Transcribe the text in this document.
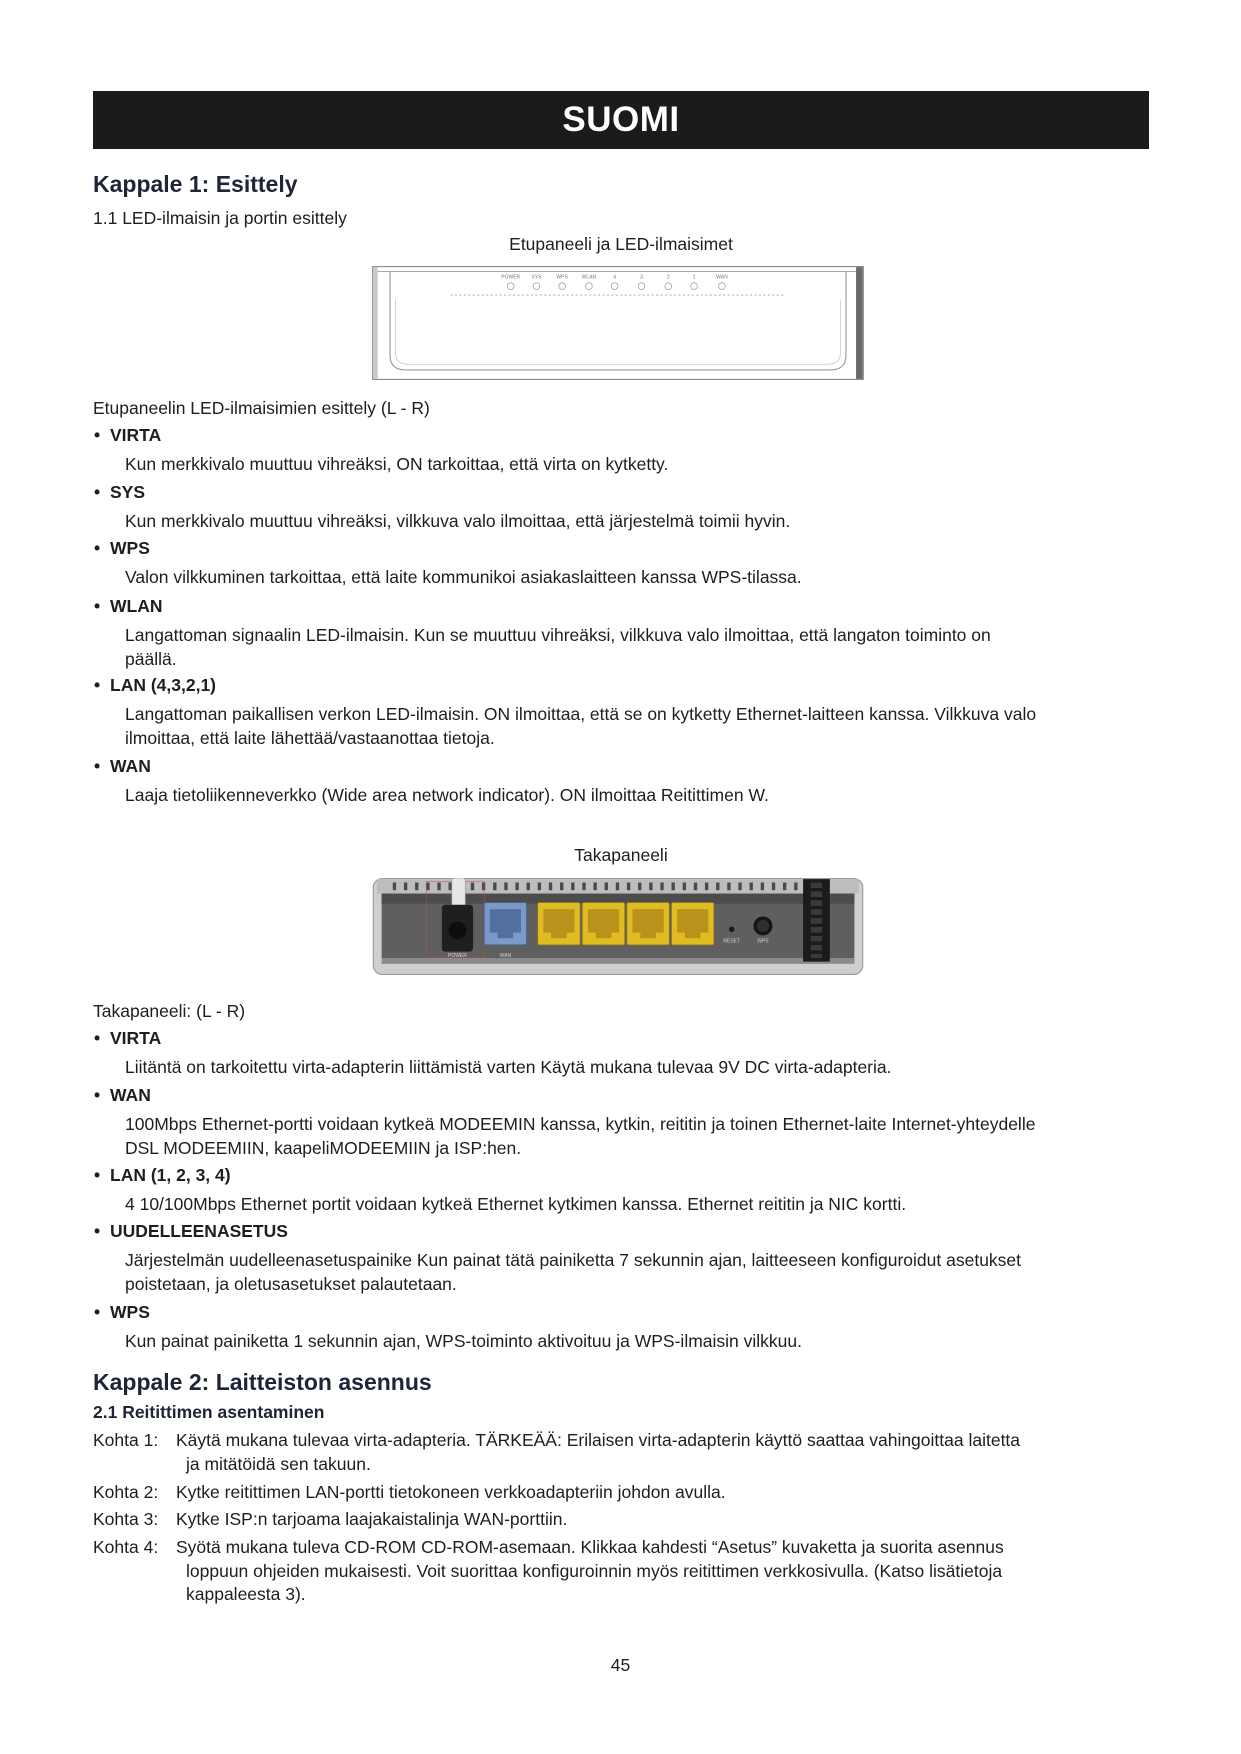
SUOMI
Kappale 1: Esittely
1.1 LED-ilmaisin ja portin esittely
Etupaneeli ja LED-ilmaisimet
POWER SYS	WPS	WLAN	4	3	2	1	WAN
Etupaneelin LED-ilmaisimien esittely (L - R)
• VIRTA
Kun merkkivalo muuttuu vihreäksi, ON tarkoittaa, että virta on kytketty.
• SYS
Kun merkkivalo muuttuu vihreäksi, vilkkuva valo ilmoittaa, että järjestelmä toimii hyvin.
• WPS
Valon vilkkuminen tarkoittaa, että laite kommunikoi asiakaslaitteen kanssa WPS-tilassa.
• WLAN
Langattoman signaalin LED-ilmaisin. Kun se muuttuu vihreäksi, vilkkuva valo ilmoittaa, että langaton toiminto on
päällä.
• LAN (4,3,2,1)
Langattoman paikallisen verkon LED-ilmaisin. ON ilmoittaa, että se on kytketty Ethernet-laitteen kanssa. Vilkkuva valo
ilmoittaa, että laite lähettää/vastaanottaa tietoja.
• WAN
Laaja tietoliikenneverkko (Wide area network indicator). ON ilmoittaa Reitittimen W.
Takapaneeli
POWER	WAN
RESET	WPS
Takapaneeli: (L - R)
• VIRTA
Liitäntä on tarkoitettu virta-adapterin liittämistä varten Käytä mukana tulevaa 9V DC virta-adapteria.
• WAN
100Mbps Ethernet-portti voidaan kytkeä MODEEMIN kanssa, kytkin, reititin ja toinen Ethernet-laite Internet-yhteydelle
DSL MODEEMIIN, kaapeliMODEEMIIN ja ISP:hen.
• LAN (1, 2, 3, 4)
4 10/100Mbps Ethernet portit voidaan kytkeä Ethernet kytkimen kanssa. Ethernet reititin ja NIC kortti.
• UUDELLEENASETUS
Järjestelmän uudelleenasetuspainike Kun painat tätä painiketta 7 sekunnin ajan, laitteeseen konfiguroidut asetukset
poistetaan, ja oletusasetukset palautetaan.
• WPS
Kun painat painiketta 1 sekunnin ajan, WPS-toiminto aktivoituu ja WPS-ilmaisin vilkkuu.
Kappale 2: Laitteiston asennus
2.1 Reitittimen asentaminen
Kohta 1:	Käytä mukana tulevaa virta-adapteria. TÄRKEÄÄ: Erilaisen virta-adapterin käyttö saattaa vahingoittaa laitetta
ja mitätöidä sen takuun.
Kohta 2:	Kytke reitittimen LAN-portti tietokoneen verkkoadapteriin johdon avulla.
Kohta 3:	Kytke ISP:n tarjoama laajakaistalinja WAN-porttiin.
Kohta 4:	Syötä mukana tuleva CD-ROM CD-ROM-asemaan. Klikkaa kahdesti “Asetus” kuvaketta ja suorita asennus
loppuun ohjeiden mukaisesti. Voit suorittaa konfiguroinnin myös reitittimen verkkosivulla. (Katso lisätietoja
kappaleesta 3).
45
